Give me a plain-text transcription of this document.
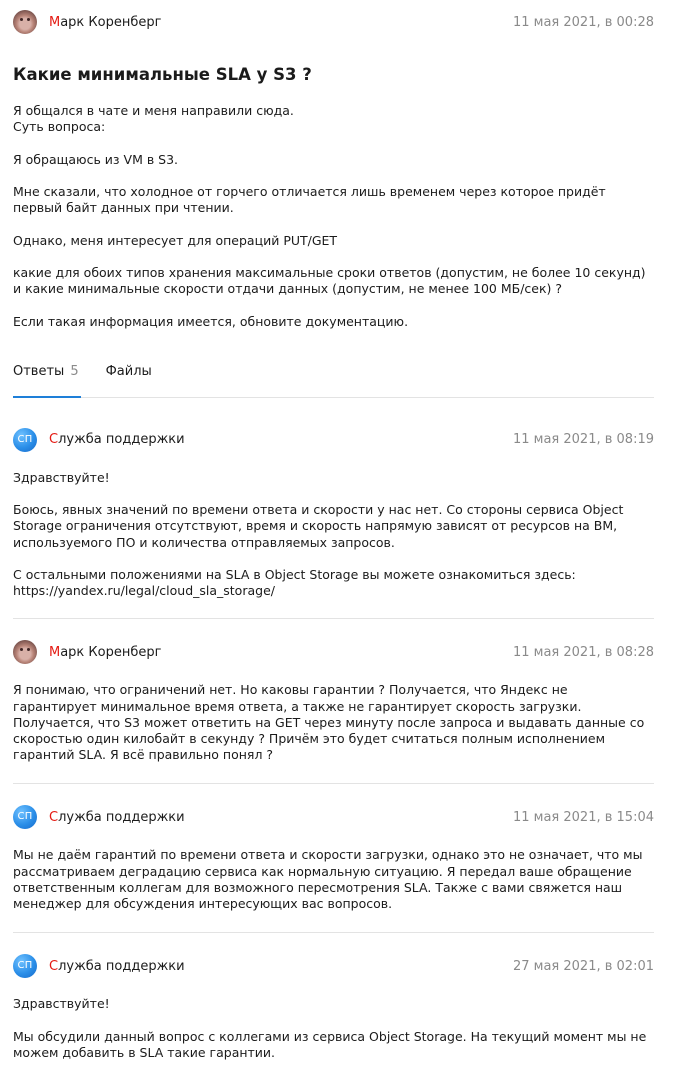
Марк Коренберг	11 мая 2021, в 00:28
Какие минимальные SLA у S3 ?

Я общался в чате и меня направили сюда.

Суть вопроса:

Я обращаюсь из VM в S3.

Мне сказали, что холодное от горчего отличается лишь временем через которое придёт первый байт данных при чтении.

Однако, меня интересует для операций PUT/GET

какие для обоих типов хранения максимальные сроки ответов (допустим, не более 10 секунд) и какие минимальные скорости отдачи данных (допустим, не менее 100 МБ/сек) ?

Если такая информация имеется, обновите документацию.

Ответы 5 Файлы
СП	Служба поддержки	11 мая 2021, в 08:19

Здравствуйте!

Боюсь, явных значений по времени ответа и скорости у нас нет. Со стороны сервиса Object Storage ограничения отсутствуют, время и скорость напрямую зависят от ресурсов на ВМ, используемого ПО и количества отправляемых запросов.

С остальными положениями на SLA в Object Storage вы можете ознакомиться здесь:

https://yandex.ru/legal/cloud_sla_storage/

Марк Коренберг	11 мая 2021, в 08:28

Я понимаю, что ограничений нет. Но каковы гарантии ? Получается, что Яндекс не гарантирует минимальное время ответа, а также не гарантирует скорость загрузки. Получается, что S3 может ответить на GET через минуту после запроса и выдавать данные со скоростью один килобайт в секунду ? Причём это будет считаться полным исполнением гарантий SLA. Я всё правильно понял ?

СП	Служба поддержки	11 мая 2021, в 15:04

Мы не даём гарантий по времени ответа и скорости загрузки, однако это не означает, что мы рассматриваем деградацию сервиса как нормальную ситуацию. Я передал ваше обращение ответственным коллегам для возможного пересмотрения SLA. Также с вами свяжется наш менеджер для обсуждения интересующих вас вопросов.

СП	Служба поддержки	27 мая 2021, в 02:01

Здравствуйте!

Мы обсудили данный вопрос с коллегами из сервиса Object Storage. На текущий момент мы не можем добавить в SLA такие гарантии.
